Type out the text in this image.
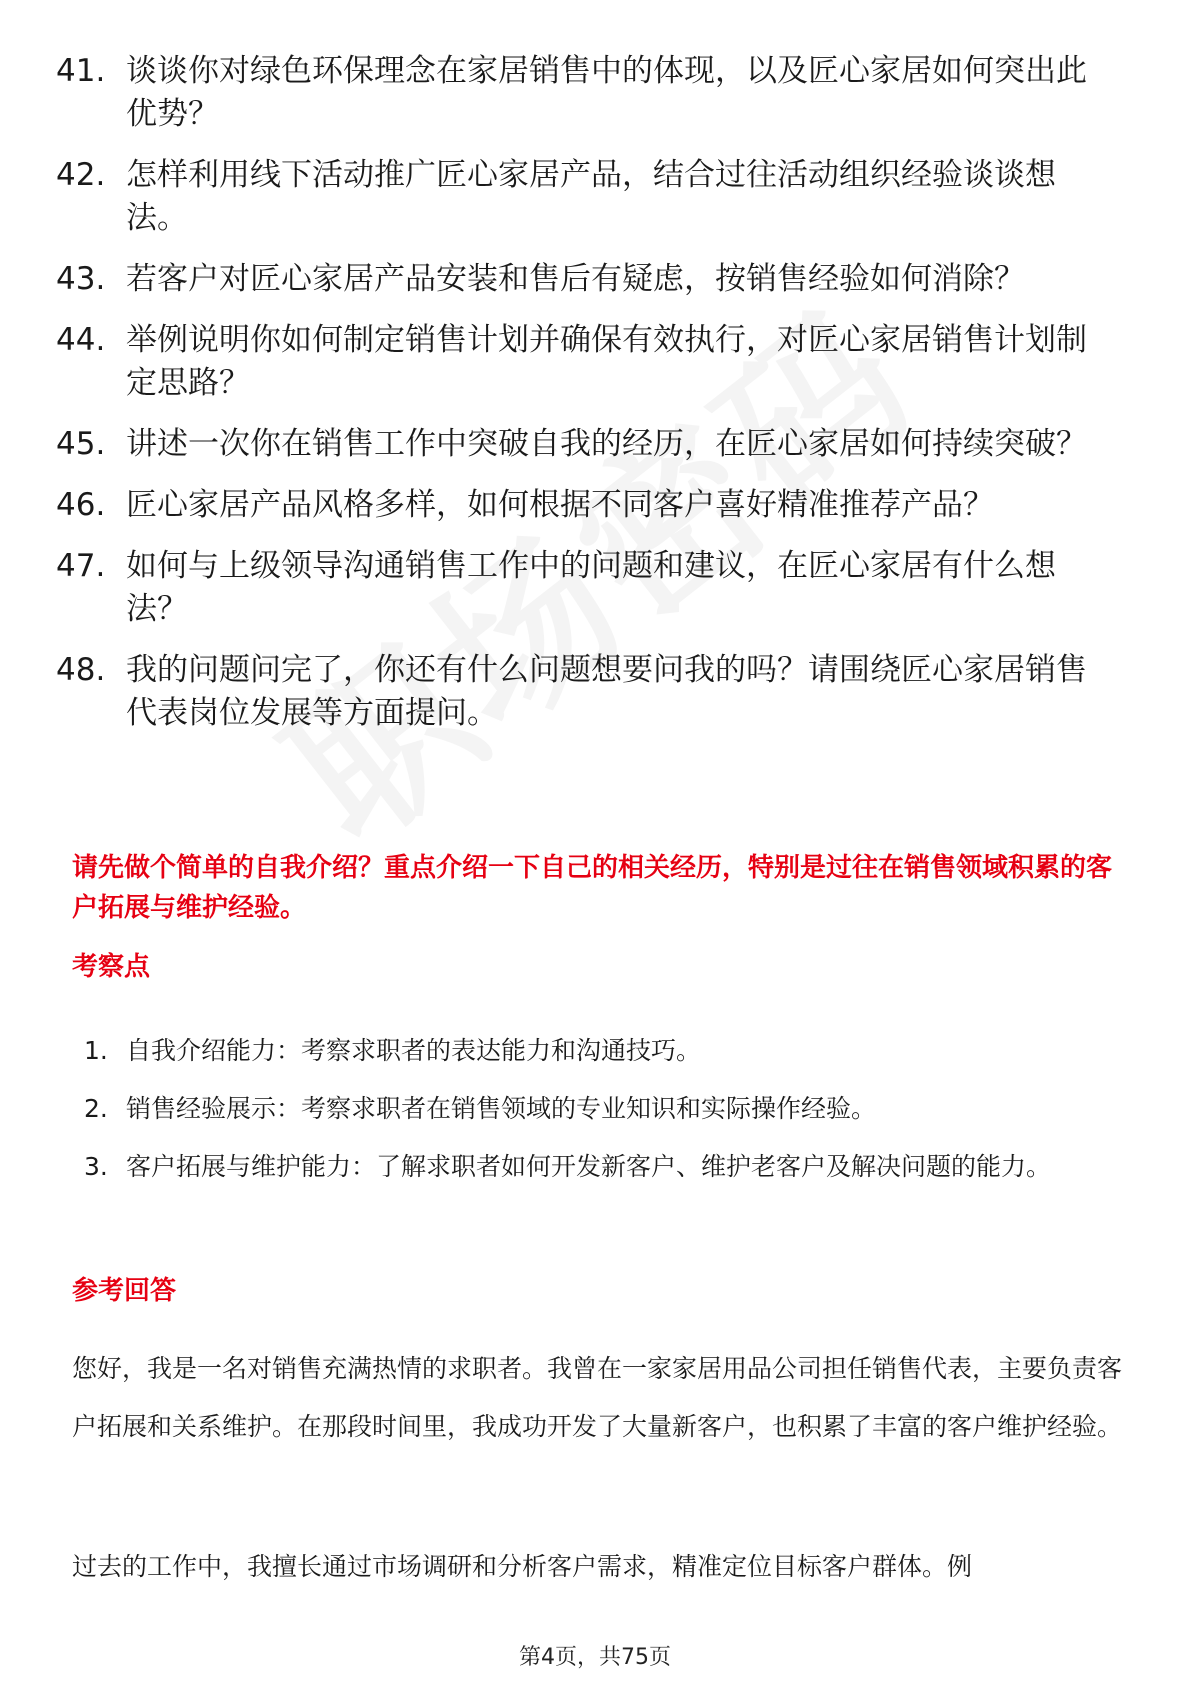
41. 谈谈你对绿色环保理念在家居销售中的体现，以及匠心家居如何突出此优势？
42. 怎样利用线下活动推广匠心家居产品，结合过往活动组织经验谈谈想法。
43. 若客户对匠心家居产品安装和售后有疑虑，按销售经验如何消除？
44. 举例说明你如何制定销售计划并确保有效执行，对匠心家居销售计划制定思路？
45. 讲述一次你在销售工作中突破自我的经历，在匠心家居如何持续突破？
46. 匠心家居产品风格多样，如何根据不同客户喜好精准推荐产品？
47. 如何与上级领导沟通销售工作中的问题和建议，在匠心家居有什么想法？
48. 我的问题问完了，你还有什么问题想要问我的吗？请围绕匠心家居销售代表岗位发展等方面提问。
请先做个简单的自我介绍？重点介绍一下自己的相关经历，特别是过往在销售领域积累的客户拓展与维护经验。
考察点
1. 自我介绍能力：考察求职者的表达能力和沟通技巧。
2. 销售经验展示：考察求职者在销售领域的专业知识和实际操作经验。
3. 客户拓展与维护能力：了解求职者如何开发新客户、维护老客户及解决问题的能力。
参考回答

您好，我是一名对销售充满热情的求职者。我曾在一家家居用品公司担任销售代表，主要负责客户拓展和关系维护。在那段时间里，我成功开发了大量新客户，也积累了丰富的客户维护经验。

过去的工作中，我擅长通过市场调研和分析客户需求，精准定位目标客户群体。例

第4页，共75页
